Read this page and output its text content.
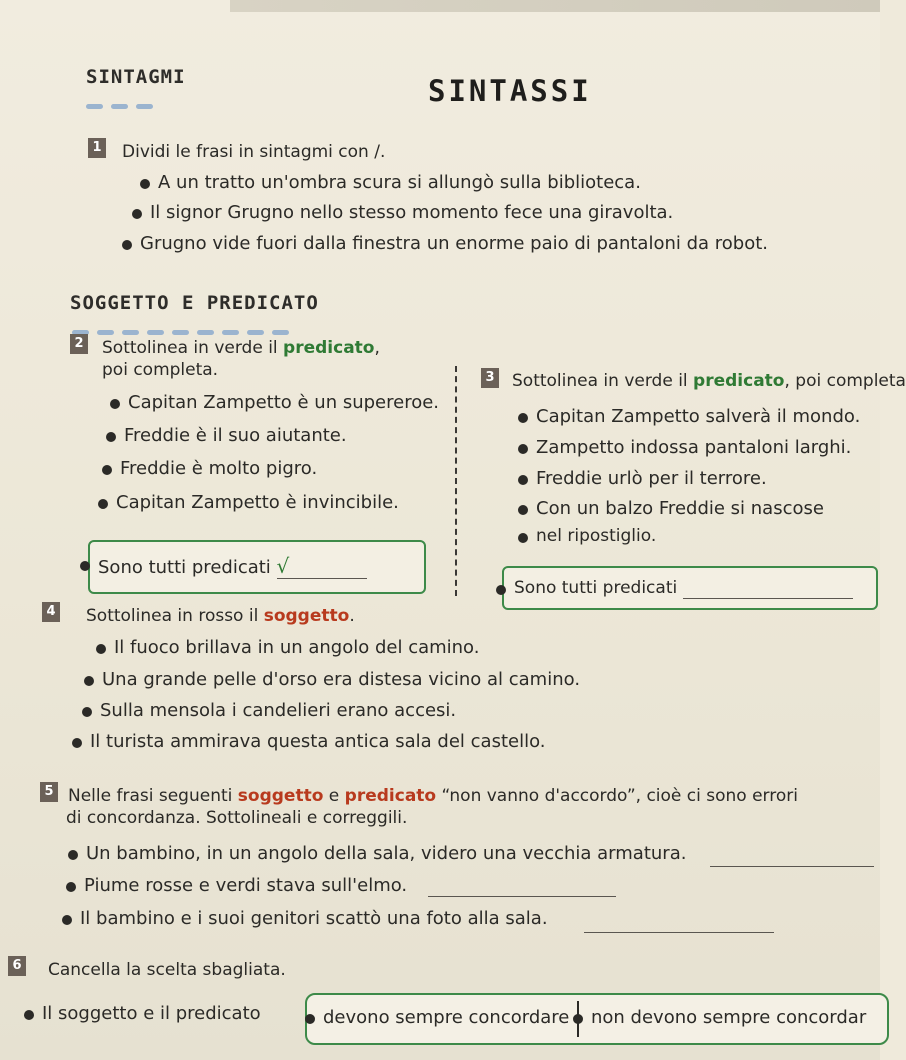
SINTAGMI	SINTASSI
1 Dividi le frasi in sintagmi con /.
A un tratto un'ombra scura si allungò sulla biblioteca.
Il signor Grugno nello stesso momento fece una giravolta.
Grugno vide fuori dalla finestra un enorme paio di pantaloni da robot.
SOGGETTO E PREDICATO
2 Sottolinea in verde il predicato,
poi completa.
Capitan Zampetto è un supereroe.
Freddie è il suo aiutante.
Freddie è molto pigro.
Capitan Zampetto è invincibile.
Sono tutti predicati √
3 Sottolinea in verde il predicato, poi completa
Capitan Zampetto salverà il mondo.
Zampetto indossa pantaloni larghi.
Freddie urlò per il terrore.
Con un balzo Freddie si nascose
nel ripostiglio.
Sono tutti predicati
4 Sottolinea in rosso il soggetto.
Il fuoco brillava in un angolo del camino.
Una grande pelle d'orso era distesa vicino al camino.
Sulla mensola i candelieri erano accesi.
Il turista ammirava questa antica sala del castello.
5 Nelle frasi seguenti soggetto e predicato “non vanno d'accordo”, cioè ci sono errori
di concordanza. Sottolineali e correggili.
Un bambino, in un angolo della sala, videro una vecchia armatura.
Piume rosse e verdi stava sull'elmo.
Il bambino e i suoi genitori scattò una foto alla sala.
6 Cancella la scelta sbagliata.
Il soggetto e il predicato	devono sempre concordare non devono sempre concordar
